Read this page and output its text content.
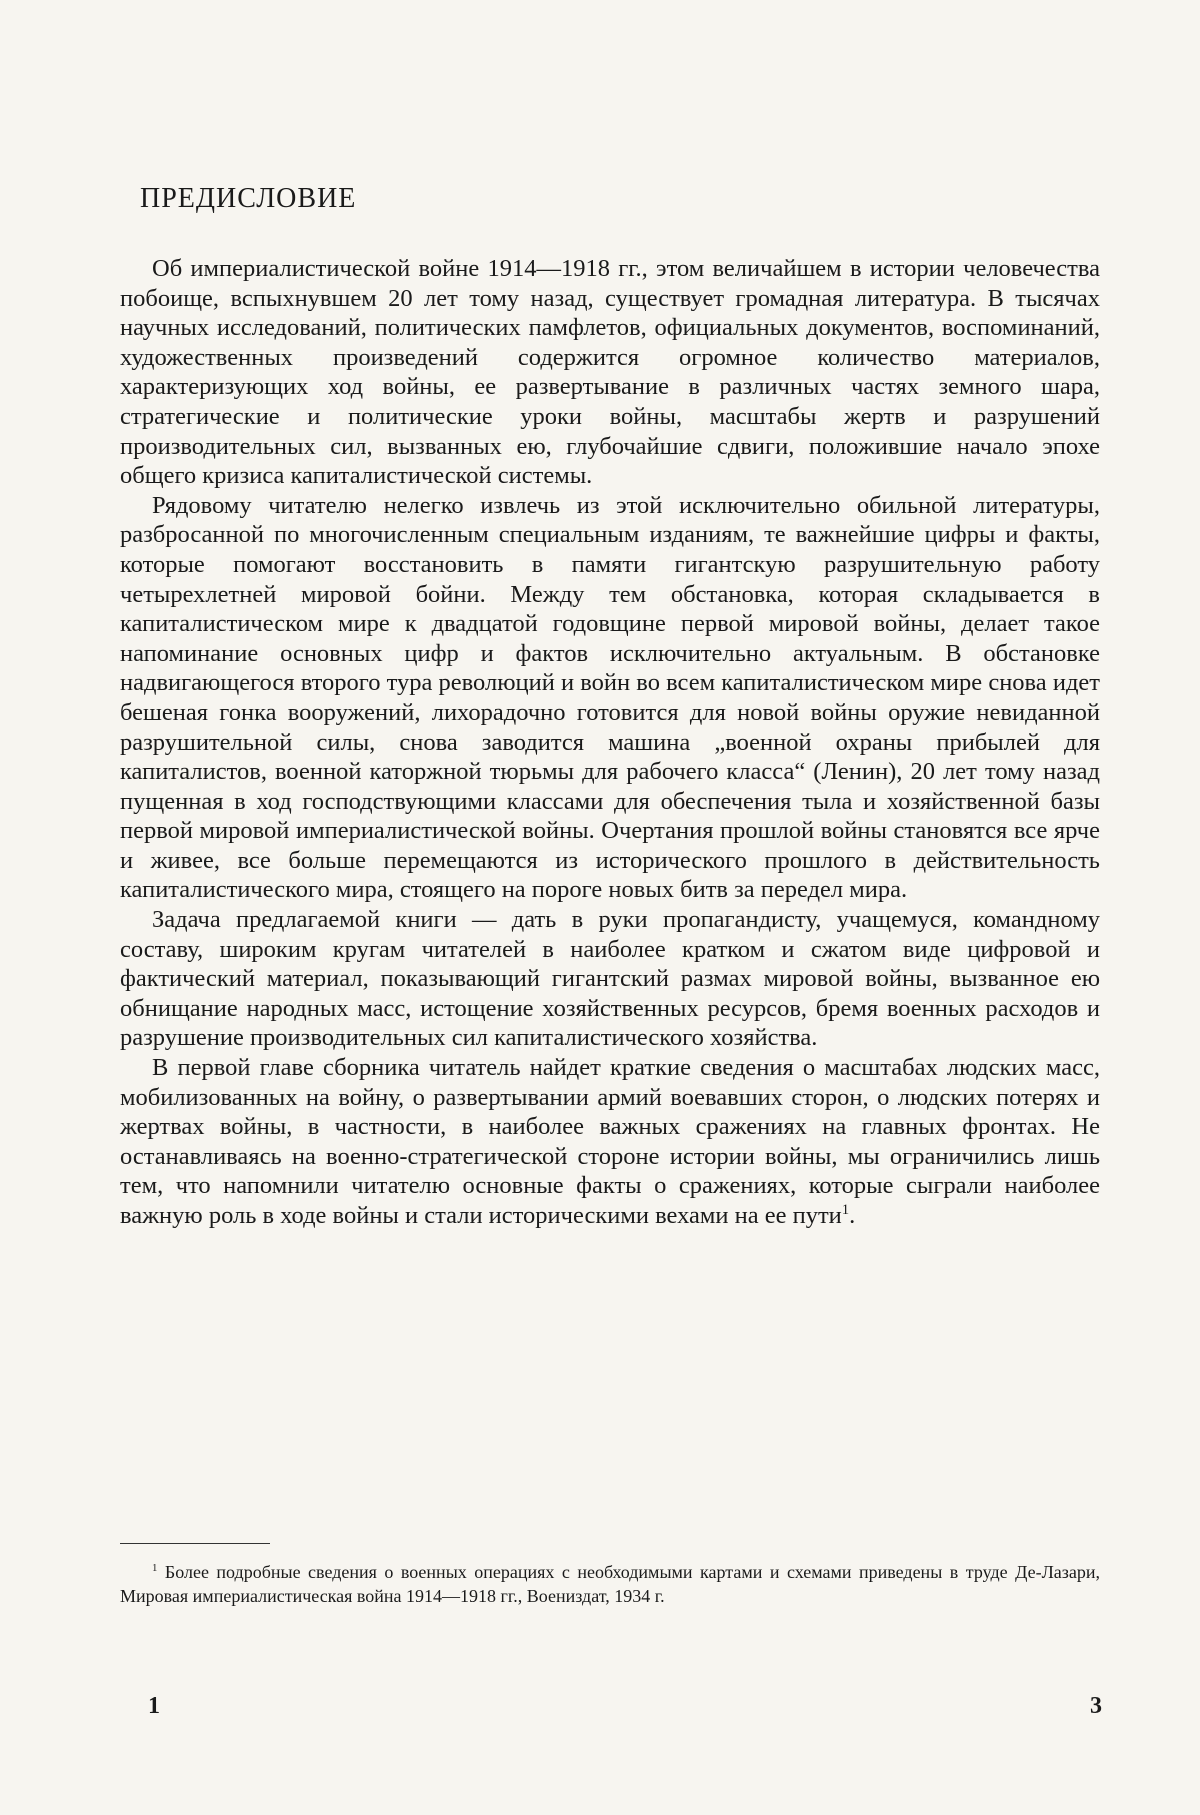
ПРЕДИСЛОВИЕ

Об империалистической войне 1914—1918 гг., этом величайшем в истории человечества побоище, вспыхнувшем 20 лет тому назад, существует громадная литература. В тысячах научных исследований, политических памфлетов, официальных документов, воспоминаний, художественных произведений содержится огромное количество материалов, характеризующих ход войны, ее развертывание в различных частях земного шара, стратегические и политические уроки войны, масштабы жертв и разрушений производительных сил, вызванных ею, глубочайшие сдвиги, положившие начало эпохе общего кризиса капиталистической системы.

Рядовому читателю нелегко извлечь из этой исключительно обильной литературы, разбросанной по многочисленным специальным изданиям, те важнейшие цифры и факты, которые помогают восстановить в памяти гигантскую разрушительную работу четырехлетней мировой бойни. Между тем обстановка, которая складывается в капиталистическом мире к двадцатой годовщине первой мировой войны, делает такое напоминание основных цифр и фактов исключительно актуальным. В обстановке надвигающегося второго тура революций и войн во всем капиталистическом мире снова идет бешеная гонка вооружений, лихорадочно готовится для новой войны оружие невиданной разрушительной силы, снова заводится машина „военной охраны прибылей для капиталистов, военной каторжной тюрьмы для рабочего класса“ (Ленин), 20 лет тому назад пущенная в ход господствующими классами для обеспечения тыла и хозяйственной базы первой мировой империалистической войны. Очертания прошлой войны становятся все ярче и живее, все больше перемещаются из исторического прошлого в действительность капиталистического мира, стоящего на пороге новых битв за передел мира.

Задача предлагаемой книги — дать в руки пропагандисту, учащемуся, командному составу, широким кругам читателей в наиболее кратком и сжатом виде цифровой и фактический материал, показывающий гигантский размах мировой войны, вызванное ею обнищание народных масс, истощение хозяйственных ресурсов, бремя военных расходов и разрушение производительных сил капиталистического хозяйства.

В первой главе сборника читатель найдет краткие сведения о масштабах людских масс, мобилизованных на войну, о развертывании армий воевавших сторон, о людских потерях и жертвах войны, в частности, в наиболее важных сражениях на главных фронтах. Не останавливаясь на военно-стратегической стороне истории войны, мы ограничились лишь тем, что напомнили читателю основные факты о сражениях, которые сыграли наиболее важную роль в ходе войны и стали историческими вехами на ее пути$^1$.

$^1$ Более подробные сведения о военных операциях с необходимыми картами и схемами приведены в труде Де-Лазари, Мировая империалистическая война 1914—1918 гг., Воениздат, 1934 г.

1	3
